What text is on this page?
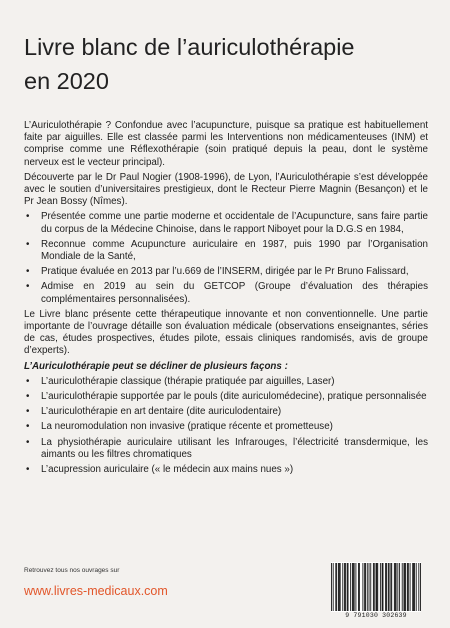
Livre blanc de l’auriculothérapie
en 2020

L’Auriculothérapie ? Confondue avec l’acupuncture, puisque sa pratique est habituellement faite par aiguilles. Elle est classée parmi les Interventions non médicamenteuses (INM) et comprise comme une Réflexothérapie (soin pratiqué depuis la peau, dont le système nerveux est le vecteur principal).

Découverte par le Dr Paul Nogier (1908-1996), de Lyon, l’Auriculothérapie s’est développée avec le soutien d’universitaires prestigieux, dont le Recteur Pierre Magnin (Besançon) et le Pr Jean Bossy (Nîmes).

• Présentée comme une partie moderne et occidentale de l’Acupuncture, sans faire partie du corpus de la Médecine Chinoise, dans le rapport Niboyet pour la D.G.S en 1984,
• Reconnue comme Acupuncture auriculaire en 1987, puis 1990 par l’Organisation Mondiale de la Santé,
• Pratique évaluée en 2013 par l’u.669 de l’INSERM, dirigée par le Pr Bruno Falissard,
• Admise en 2019 au sein du GETCOP (Groupe d’évaluation des thérapies complémentaires personnalisées).

Le Livre blanc présente cette thérapeutique innovante et non conventionnelle. Une partie importante de l’ouvrage détaille son évaluation médicale (observations enseignantes, séries de cas, études prospectives, études pilote, essais cliniques randomisés, avis de groupe d’experts).

L’Auriculothérapie peut se décliner de plusieurs façons :

• L’auriculothérapie classique (thérapie pratiquée par aiguilles, Laser)
• L’auriculothérapie supportée par le pouls (dite auriculomédecine), pratique personnalisée
• L’auriculothérapie en art dentaire (dite auriculodentaire)
• La neuromodulation non invasive (pratique récente et prometteuse)
• La physiothérapie auriculaire utilisant les Infrarouges, l’électricité transdermique, les aimants ou les filtres chromatiques
• L’acupression auriculaire (« le médecin aux mains nues »)
Retrouvez tous nos ouvrages sur
www.livres-medicaux.com
9 791030 302639
